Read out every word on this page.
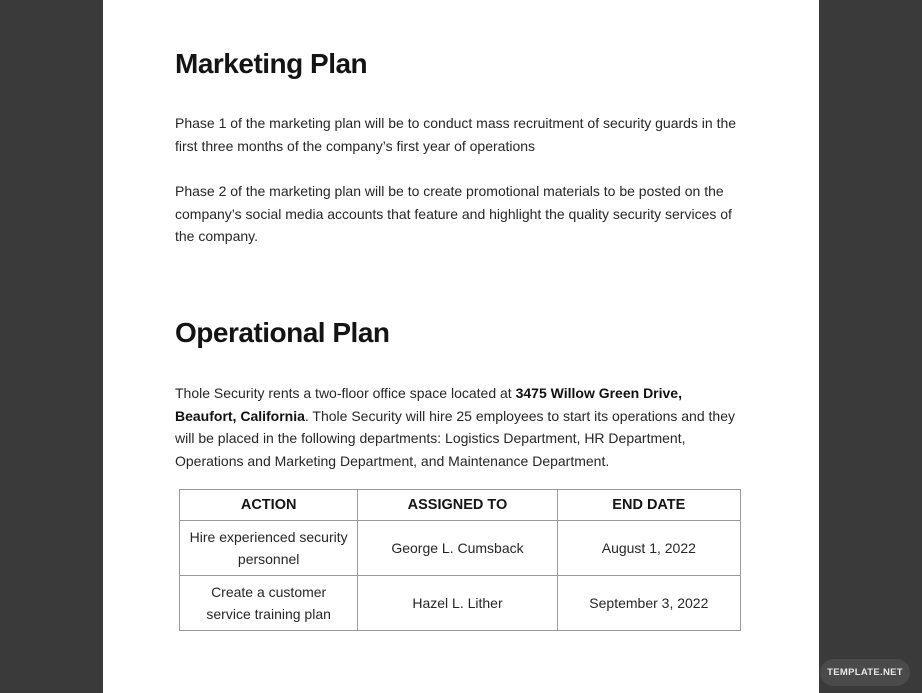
Marketing Plan

Phase 1 of the marketing plan will be to conduct mass recruitment of security guards in the first three months of the company’s first year of operations

Phase 2 of the marketing plan will be to create promotional materials to be posted on the company’s social media accounts that feature and highlight the quality security services of the company.

Operational Plan

Thole Security rents a two-floor office space located at 3475 Willow Green Drive, Beaufort, California. Thole Security will hire 25 employees to start its operations and they will be placed in the following departments: Logistics Department, HR Department, Operations and Marketing Department, and Maintenance Department.

ACTION	ASSIGNED TO	END DATE
Hire experienced security personnel	George L. Cumsback	August 1, 2022
Create a customer service training plan	Hazel L. Lither	September 3, 2022
TEMPLATE.NET
